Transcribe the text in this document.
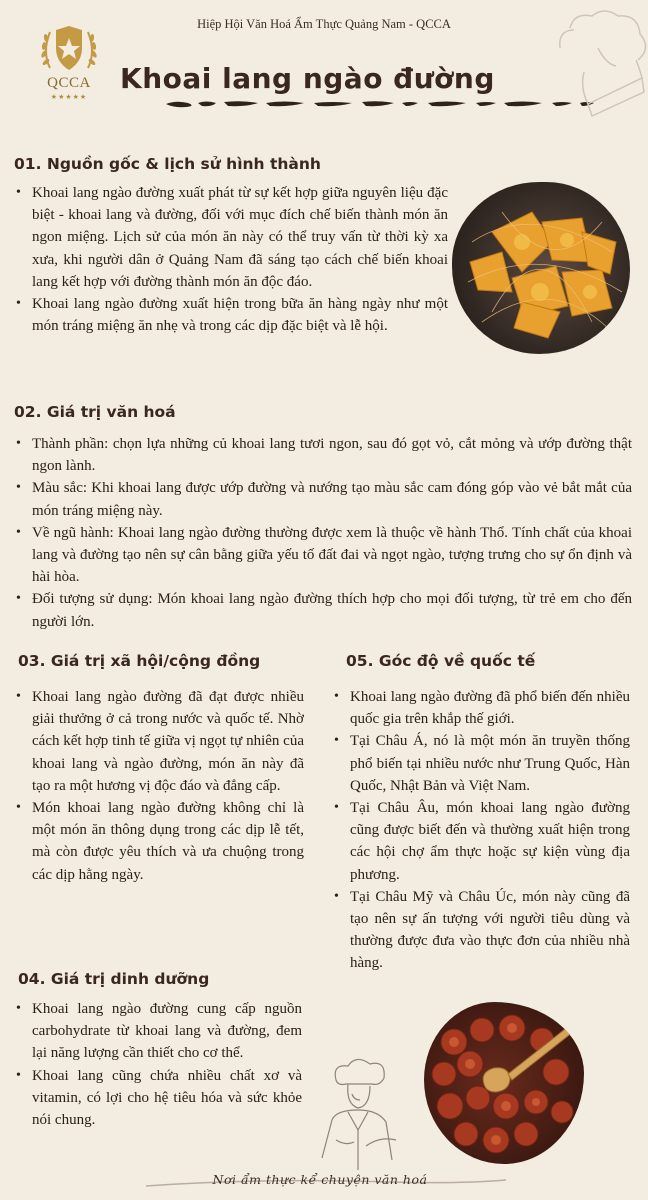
Hiệp Hội Văn Hoá Ẩm Thực Quảng Nam - QCCA
QCCA
★★★★★
Khoai lang ngào đường
01. Nguồn gốc & lịch sử hình thành
• Khoai lang ngào đường xuất phát từ sự kết hợp giữa nguyên liệu đặc biệt - khoai lang và đường, đối với mục đích chế biến thành món ăn ngon miệng. Lịch sử của món ăn này có thể truy vấn từ thời kỳ xa xưa, khi người dân ở Quảng Nam đã sáng tạo cách chế biến khoai lang kết hợp với đường thành món ăn độc đáo.
• Khoai lang ngào đường xuất hiện trong bữa ăn hàng ngày như một món tráng miệng ăn nhẹ và trong các dịp đặc biệt và lễ hội.
02. Giá trị văn hoá
• Thành phần: chọn lựa những củ khoai lang tươi ngon, sau đó gọt vỏ, cắt mỏng và ướp đường thật ngon lành.
• Màu sắc: Khi khoai lang được ướp đường và nướng tạo màu sắc cam đóng góp vào vẻ bắt mắt của món tráng miệng này.
• Về ngũ hành: Khoai lang ngào đường thường được xem là thuộc về hành Thổ. Tính chất của khoai lang và đường tạo nên sự cân bằng giữa yếu tố đất đai và ngọt ngào, tượng trưng cho sự ổn định và hài hòa.
• Đối tượng sử dụng: Món khoai lang ngào đường thích hợp cho mọi đối tượng, từ trẻ em cho đến người lớn.
03. Giá trị xã hội/cộng đồng
• Khoai lang ngào đường đã đạt được nhiều giải thưởng ở cả trong nước và quốc tế. Nhờ cách kết hợp tinh tế giữa vị ngọt tự nhiên của khoai lang và ngào đường, món ăn này đã tạo ra một hương vị độc đáo và đẳng cấp.
• Món khoai lang ngào đường không chỉ là một món ăn thông dụng trong các dịp lễ tết, mà còn được yêu thích và ưa chuộng trong các dịp hằng ngày.
05. Góc độ về quốc tế
• Khoai lang ngào đường đã phổ biến đến nhiều quốc gia trên khắp thế giới.
• Tại Châu Á, nó là một món ăn truyền thống phổ biến tại nhiều nước như Trung Quốc, Hàn Quốc, Nhật Bản và Việt Nam.
• Tại Châu Âu, món khoai lang ngào đường cũng được biết đến và thường xuất hiện trong các hội chợ ẩm thực hoặc sự kiện vùng địa phương.
• Tại Châu Mỹ và Châu Úc, món này cũng đã tạo nên sự ấn tượng với người tiêu dùng và thường được đưa vào thực đơn của nhiều nhà hàng.
04. Giá trị dinh dưỡng
• Khoai lang ngào đường cung cấp nguồn carbohydrate từ khoai lang và đường, đem lại năng lượng cần thiết cho cơ thể.
• Khoai lang cũng chứa nhiều chất xơ và vitamin, có lợi cho hệ tiêu hóa và sức khỏe nói chung.
Nơi ẩm thực kể chuyện văn hoá
